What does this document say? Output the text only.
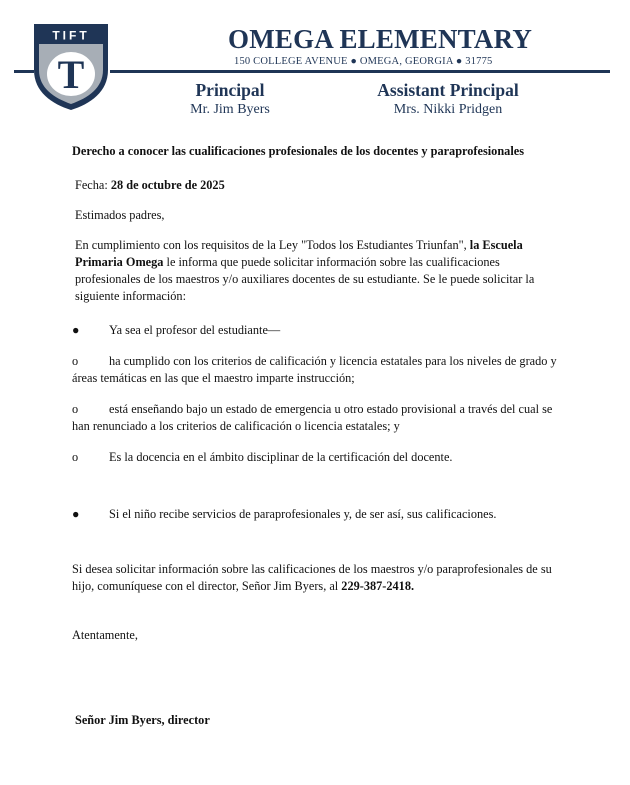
TIFT
T
OMEGA ELEMENTARY
150 COLLEGE AVENUE ● OMEGA, GEORGIA ● 31775
Principal
Mr. Jim Byers
Assistant Principal
Mrs. Nikki Pridgen

Derecho a conocer las cualificaciones profesionales de los docentes y paraprofesionales

Fecha: 28 de octubre de 2025

Estimados padres,

En cumplimiento con los requisitos de la Ley "Todos los Estudiantes Triunfan", la Escuela Primaria Omega le informa que puede solicitar información sobre las cualificaciones profesionales de los maestros y/o auxiliares docentes de su estudiante. Se le puede solicitar la siguiente información:

●	Ya sea el profesor del estudiante—

o	ha cumplido con los criterios de calificación y licencia estatales para los niveles de grado y áreas temáticas en las que el maestro imparte instrucción;

o	está enseñando bajo un estado de emergencia u otro estado provisional a través del cual se han renunciado a los criterios de calificación o licencia estatales; y

o	Es la docencia en el ámbito disciplinar de la certificación del docente.
●	Si el niño recibe servicios de paraprofesionales y, de ser así, sus calificaciones.

Si desea solicitar información sobre las calificaciones de los maestros y/o paraprofesionales de su hijo, comuníquese con el director, Señor Jim Byers, al 229-387-2418.

Atentamente,

Señor Jim Byers, director
